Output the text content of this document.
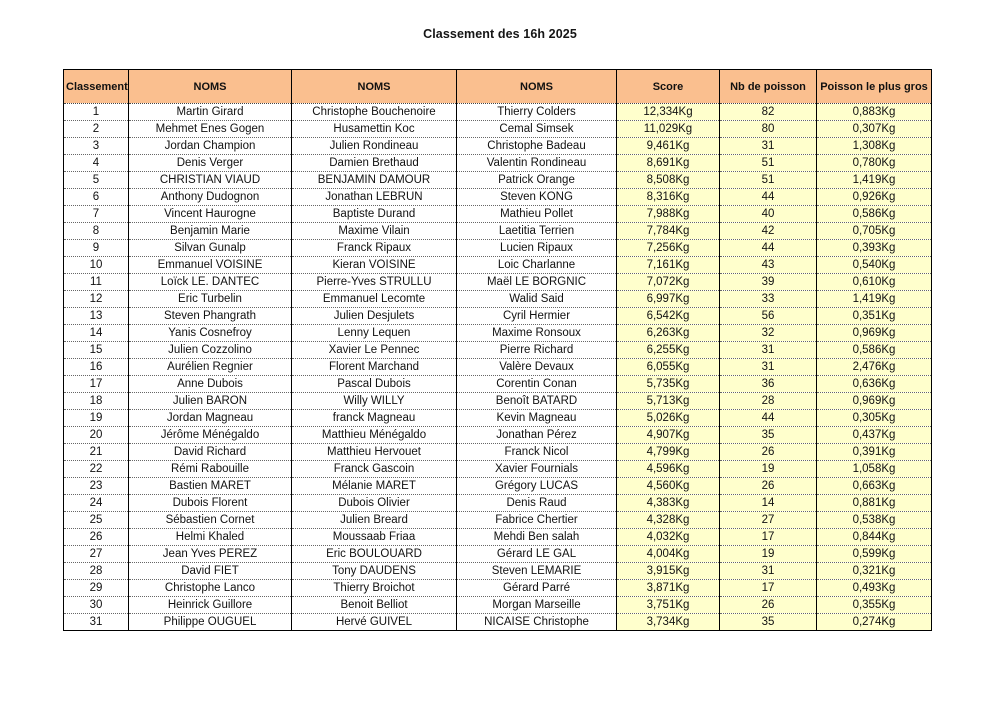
Classement des 16h 2025
Classement	NOMS	NOMS	NOMS	Score	Nb de poisson	Poisson le plus gros
1	Martin Girard	Christophe Bouchenoire	Thierry Colders	12,334Kg	82	0,883Kg
2	Mehmet Enes Gogen	Husamettin Koc	Cemal Simsek	11,029Kg	80	0,307Kg
3	Jordan Champion	Julien Rondineau	Christophe Badeau	9,461Kg	31	1,308Kg
4	Denis Verger	Damien Brethaud	Valentin Rondineau	8,691Kg	51	0,780Kg
5	CHRISTIAN VIAUD	BENJAMIN DAMOUR	Patrick Orange	8,508Kg	51	1,419Kg
6	Anthony Dudognon	Jonathan LEBRUN	Steven KONG	8,316Kg	44	0,926Kg
7	Vincent Haurogne	Baptiste Durand	Mathieu Pollet	7,988Kg	40	0,586Kg
8	Benjamin Marie	Maxime Vilain	Laetitia Terrien	7,784Kg	42	0,705Kg
9	Silvan Gunalp	Franck Ripaux	Lucien Ripaux	7,256Kg	44	0,393Kg
10	Emmanuel VOISINE	Kieran VOISINE	Loic Charlanne	7,161Kg	43	0,540Kg
11	Loïck LE. DANTEC	Pierre-Yves STRULLU	Maël LE BORGNIC	7,072Kg	39	0,610Kg
12	Eric Turbelin	Emmanuel Lecomte	Walid Said	6,997Kg	33	1,419Kg
13	Steven Phangrath	Julien Desjulets	Cyril Hermier	6,542Kg	56	0,351Kg
14	Yanis Cosnefroy	Lenny Lequen	Maxime Ronsoux	6,263Kg	32	0,969Kg
15	Julien Cozzolino	Xavier Le Pennec	Pierre Richard	6,255Kg	31	0,586Kg
16	Aurélien Regnier	Florent Marchand	Valère Devaux	6,055Kg	31	2,476Kg
17	Anne Dubois	Pascal Dubois	Corentin Conan	5,735Kg	36	0,636Kg
18	Julien BARON	Willy WILLY	Benoît BATARD	5,713Kg	28	0,969Kg
19	Jordan Magneau	franck Magneau	Kevin Magneau	5,026Kg	44	0,305Kg
20	Jérôme Ménégaldo	Matthieu Ménégaldo	Jonathan Pérez	4,907Kg	35	0,437Kg
21	David Richard	Matthieu Hervouet	Franck Nicol	4,799Kg	26	0,391Kg
22	Rémi Rabouille	Franck Gascoin	Xavier Fournials	4,596Kg	19	1,058Kg
23	Bastien MARET	Mélanie MARET	Grégory LUCAS	4,560Kg	26	0,663Kg
24	Dubois Florent	Dubois Olivier	Denis Raud	4,383Kg	14	0,881Kg
25	Sébastien Cornet	Julien Breard	Fabrice Chertier	4,328Kg	27	0,538Kg
26	Helmi Khaled	Moussaab Friaa	Mehdi Ben salah	4,032Kg	17	0,844Kg
27	Jean Yves PEREZ	Eric BOULOUARD	Gérard LE GAL	4,004Kg	19	0,599Kg
28	David FIET	Tony DAUDENS	Steven LEMARIE	3,915Kg	31	0,321Kg
29	Christophe Lanco	Thierry Broichot	Gérard Parré	3,871Kg	17	0,493Kg
30	Heinrick Guillore	Benoit Belliot	Morgan Marseille	3,751Kg	26	0,355Kg
31	Philippe OUGUEL	Hervé GUIVEL	NICAISE Christophe	3,734Kg	35	0,274Kg
